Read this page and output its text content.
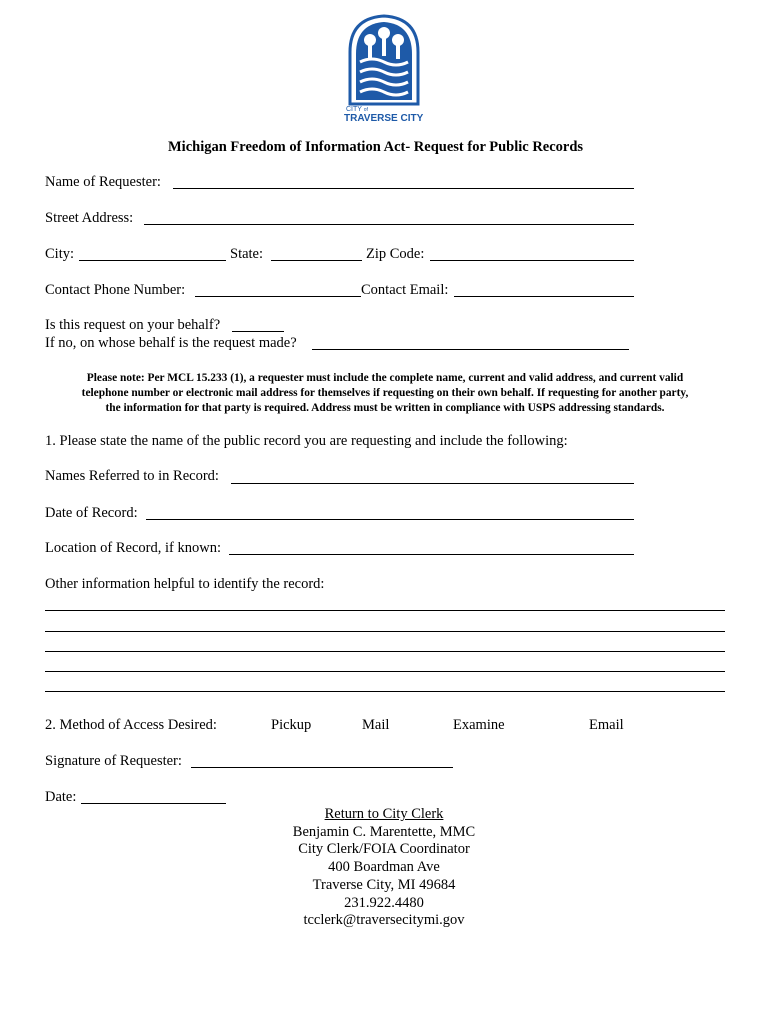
CITY of
TRAVERSE CITY
Michigan Freedom of Information Act- Request for Public Records
Name of Requester:
Street Address:
City:	State:	Zip Code:
Contact Phone Number:	Contact Email:
Is this request on your behalf?
If no, on whose behalf is the request made?
Please note: Per MCL 15.233 (1), a requester must include the complete name, current and valid address, and current valid
telephone number or electronic mail address for themselves if requesting on their own behalf. If requesting for another party,
the information for that party is required. Address must be written in compliance with USPS addressing standards.
1. Please state the name of the public record you are requesting and include the following:
Names Referred to in Record:
Date of Record:
Location of Record, if known:
Other information helpful to identify the record:
2. Method of Access Desired:	Pickup	Mail	Examine	Email
Signature of Requester:
Date:
Return to City Clerk
Benjamin C. Marentette, MMC
City Clerk/FOIA Coordinator
400 Boardman Ave
Traverse City, MI 49684
231.922.4480
tcclerk@traversecitymi.gov
